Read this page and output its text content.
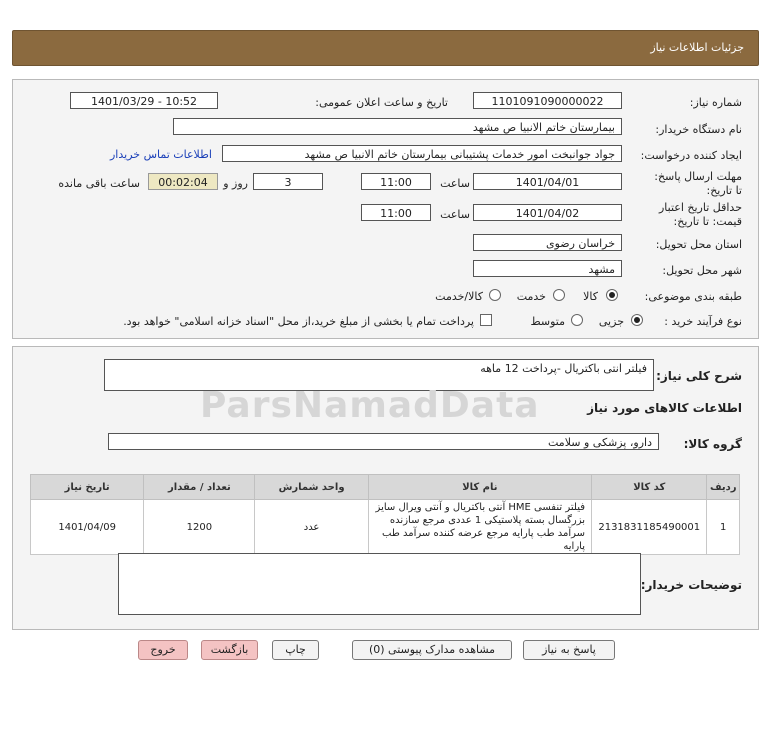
جزئیات اطلاعات نیاز
شماره نیاز:
1101091090000022
تاریخ و ساعت اعلان عمومی:
1401/03/29 - 10:52
نام دستگاه خریدار:
بیمارستان خاتم الانبیا ص مشهد
ایجاد کننده درخواست:
جواد جوانبخت امور خدمات پشتیبانی بیمارستان خاتم الانبیا ص مشهد
اطلاعات تماس خریدار
مهلت ارسال پاسخ: تا تاریخ:
1401/04/01
ساعت
11:00
3
روز و
00:02:04
ساعت باقی مانده
حداقل تاریخ اعتبار قیمت: تا تاریخ:
1401/04/02
ساعت
11:00
استان محل تحویل:
خراسان رضوی
شهر محل تحویل:
مشهد
طبقه بندی موضوعی:
کالا
خدمت
کالا/خدمت
نوع فرآیند خرید :
جزیی
متوسط
پرداخت تمام یا بخشی از مبلغ خرید،از محل "اسناد خزانه اسلامی" خواهد بود.
شرح کلی نیاز:
فیلتر انتی باکتریال -پرداخت 12 ماهه
ParsNamadData	اطلاعات کالاهای مورد نیاز
گروه کالا:
دارو، پزشکی و سلامت
ردیف	کد کالا	نام کالا	واحد شمارش	تعداد / مقدار	تاریخ نیاز
1	2131831185490001	فیلتر تنفسی HME آنتی باکتریال و آنتی ویرال سایز بزرگسال بسته پلاستیکی 1 عددی مرجع سازنده سرآمد طب پارایه مرجع عرضه کننده سرآمد طب پارایه	عدد	1200	1401/04/09
توضیحات خریدار:
پاسخ به نیاز
مشاهده مدارک پیوستی (0)
چاپ
بازگشت
خروج
